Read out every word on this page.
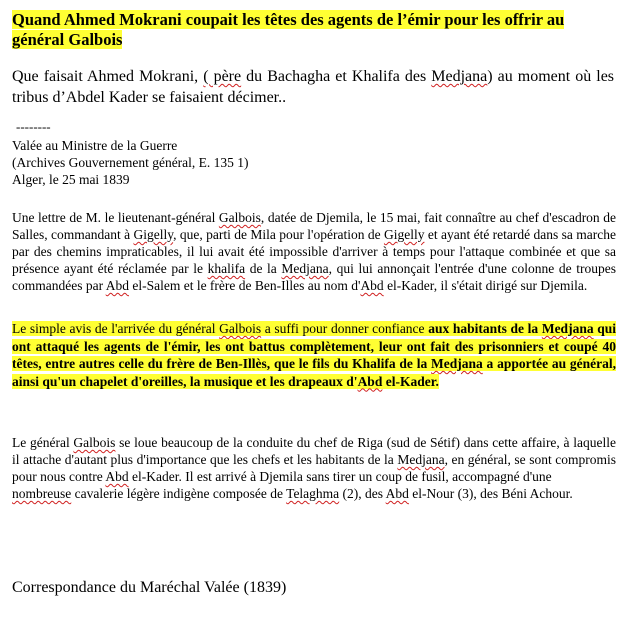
Quand Ahmed Mokrani coupait les têtes des agents de l’émir pour les offrir au général Galbois
Que faisait Ahmed Mokrani, ( père du Bachagha et Khalifa des Medjana) au moment où les tribus d’Abdel Kader se faisaient décimer..
--------
Valée au Ministre de la Guerre
(Archives Gouvernement général, E. 135 1)
Alger, le 25 mai 1839
Une lettre de M. le lieutenant-général Galbois, datée de Djemila, le 15 mai, fait connaître au chef d'escadron de Salles, commandant à Gigelly, que, parti de Mila pour l'opération de Gigelly et ayant été retardé dans sa marche par des chemins impraticables, il lui avait été impossible d'arriver à temps pour l'attaque combinée et que sa présence ayant été réclamée par le khalifa de la Medjana, qui lui annonçait l'entrée d'une colonne de troupes commandées par Abd el-Salem et le frère de Ben-Illes au nom d'Abd el-Kader, il s'était dirigé sur Djemila.
Le simple avis de l'arrivée du général Galbois a suffi pour donner confiance aux habitants de la Medjana qui ont attaqué les agents de l'émir, les ont battus complètement, leur ont fait des prisonniers et coupé 40 têtes, entre autres celle du frère de Ben-Illès, que le fils du Khalifa de la Medjana a apportée au général, ainsi qu'un chapelet d'oreilles, la musique et les drapeaux d'Abd el-Kader.
Le général Galbois se loue beaucoup de la conduite du chef de Riga (sud de Sétif) dans cette affaire, à laquelle il attache d'autant plus d'importance que les chefs et les habitants de la Medjana, en général, se sont compromis pour nous contre Abd el-Kader. Il est arrivé à Djemila sans tirer un coup de fusil, accompagné d'une
nombreuse cavalerie légère indigène composée de Telaghma (2), des Abd el-Nour (3), des Béni Achour.
Correspondance du Maréchal Valée (1839)
